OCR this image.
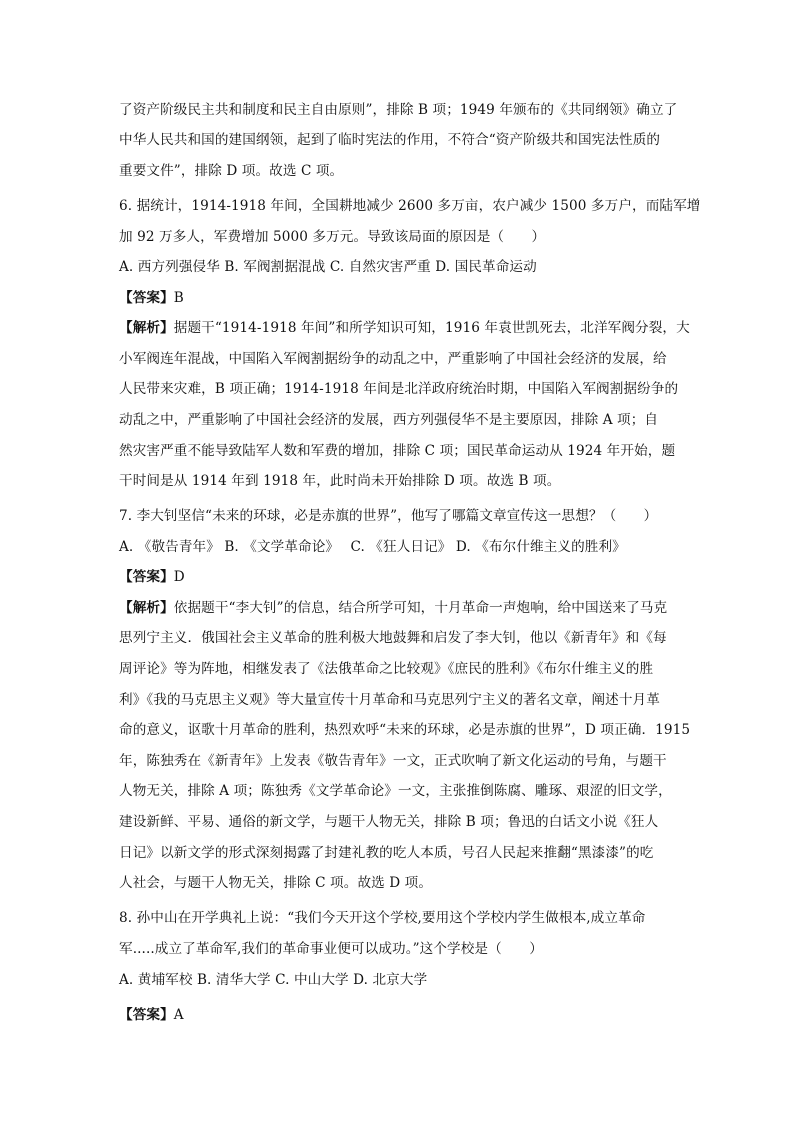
了资产阶级民主共和制度和民主自由原则”，排除 B 项；1949 年颁布的《共同纲领》确立了
中华人民共和国的建国纲领，起到了临时宪法的作用，不符合“资产阶级共和国宪法性质的
重要文件”，排除 D 项。故选 C 项。
6. 据统计，1914-1918 年间，全国耕地减少 2600 多万亩，农户减少 1500 多万户，而陆军增
加 92 万多人，军费增加 5000 多万元。导致该局面的原因是（　　）
A. 西方列强侵华 B. 军阀割据混战 C. 自然灾害严重 D. 国民革命运动
【答案】B
【解析】据题干“1914-1918 年间”和所学知识可知，1916 年袁世凯死去，北洋军阀分裂，大
小军阀连年混战，中国陷入军阀割据纷争的动乱之中，严重影响了中国社会经济的发展，给
人民带来灾难，B 项正确；1914-1918 年间是北洋政府统治时期，中国陷入军阀割据纷争的
动乱之中，严重影响了中国社会经济的发展，西方列强侵华不是主要原因，排除 A 项；自
然灾害严重不能导致陆军人数和军费的增加，排除 C 项；国民革命运动从 1924 年开始，题
干时间是从 1914 年到 1918 年，此时尚未开始排除 D 项。故选 B 项。
7. 李大钊坚信“未来的环球，必是赤旗的世界”，他写了哪篇文章宣传这一思想？（　　）
A. 《敬告青年》 B. 《文学革命论》　 C. 《狂人日记》 D. 《布尔什维主义的胜利》
【答案】D
【解析】依据题干“李大钊”的信息，结合所学可知，十月革命一声炮响，给中国送来了马克
思列宁主义．俄国社会主义革命的胜利极大地鼓舞和启发了李大钊，他以《新青年》和《每
周评论》等为阵地，相继发表了《法俄革命之比较观》《庶民的胜利》《布尔什维主义的胜
利》《我的马克思主义观》等大量宣传十月革命和马克思列宁主义的著名文章，阐述十月革
命的意义，讴歌十月革命的胜利，热烈欢呼“未来的环球，必是赤旗的世界”，D 项正确．1915
年，陈独秀在《新青年》上发表《敬告青年》一文，正式吹响了新文化运动的号角，与题干
人物无关，排除 A 项；陈独秀《文学革命论》一文，主张推倒陈腐、雕琢、艰涩的旧文学，
建设新鲜、平易、通俗的新文学，与题干人物无关，排除 B 项；鲁迅的白话文小说《狂人
日记》以新文学的形式深刻揭露了封建礼教的吃人本质，号召人民起来推翻“黑漆漆”的吃
人社会，与题干人物无关，排除 C 项。故选 D 项。
8. 孙中山在开学典礼上说：“我们今天开这个学校,要用这个学校内学生做根本,成立革命
军.....成立了革命军,我们的革命事业便可以成功。”这个学校是（　　）
A. 黄埔军校 B. 清华大学 C. 中山大学 D. 北京大学
【答案】A
